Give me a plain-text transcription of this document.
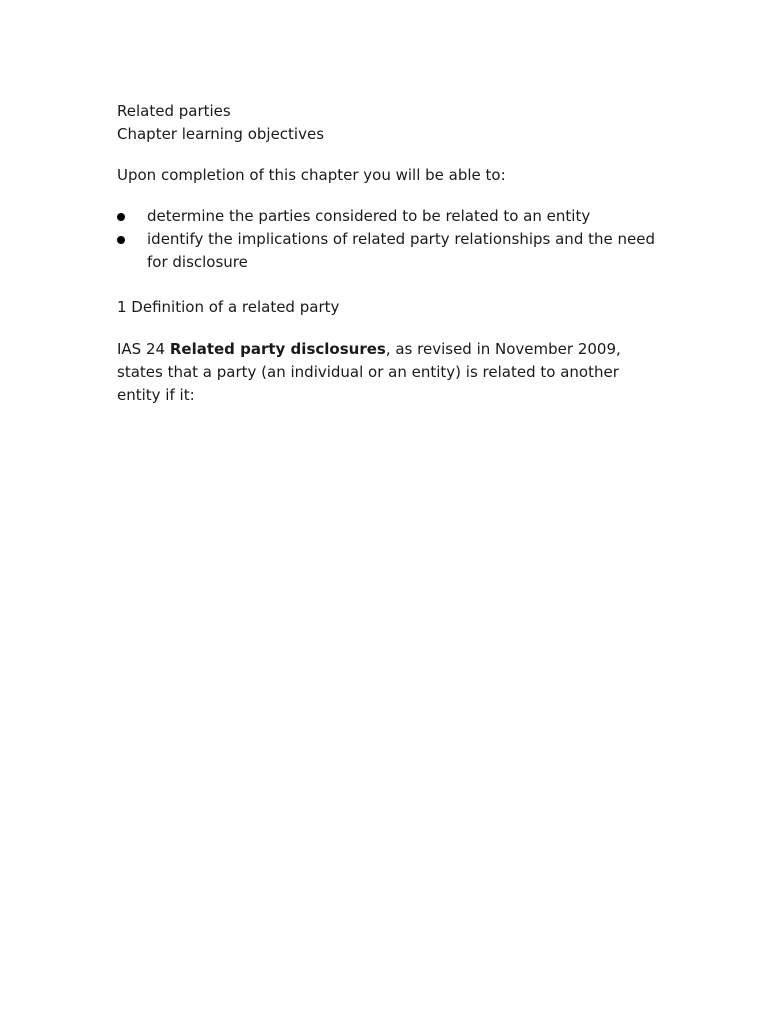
Related parties

Chapter learning objectives

Upon completion of this chapter you will be able to:

determine the parties considered to be related to an entity
identify the implications of related party relationships and the need for disclosure

1 Definition of a related party

IAS 24 Related party disclosures, as revised in November 2009, states that a party (an individual or an entity) is related to another entity if it:
